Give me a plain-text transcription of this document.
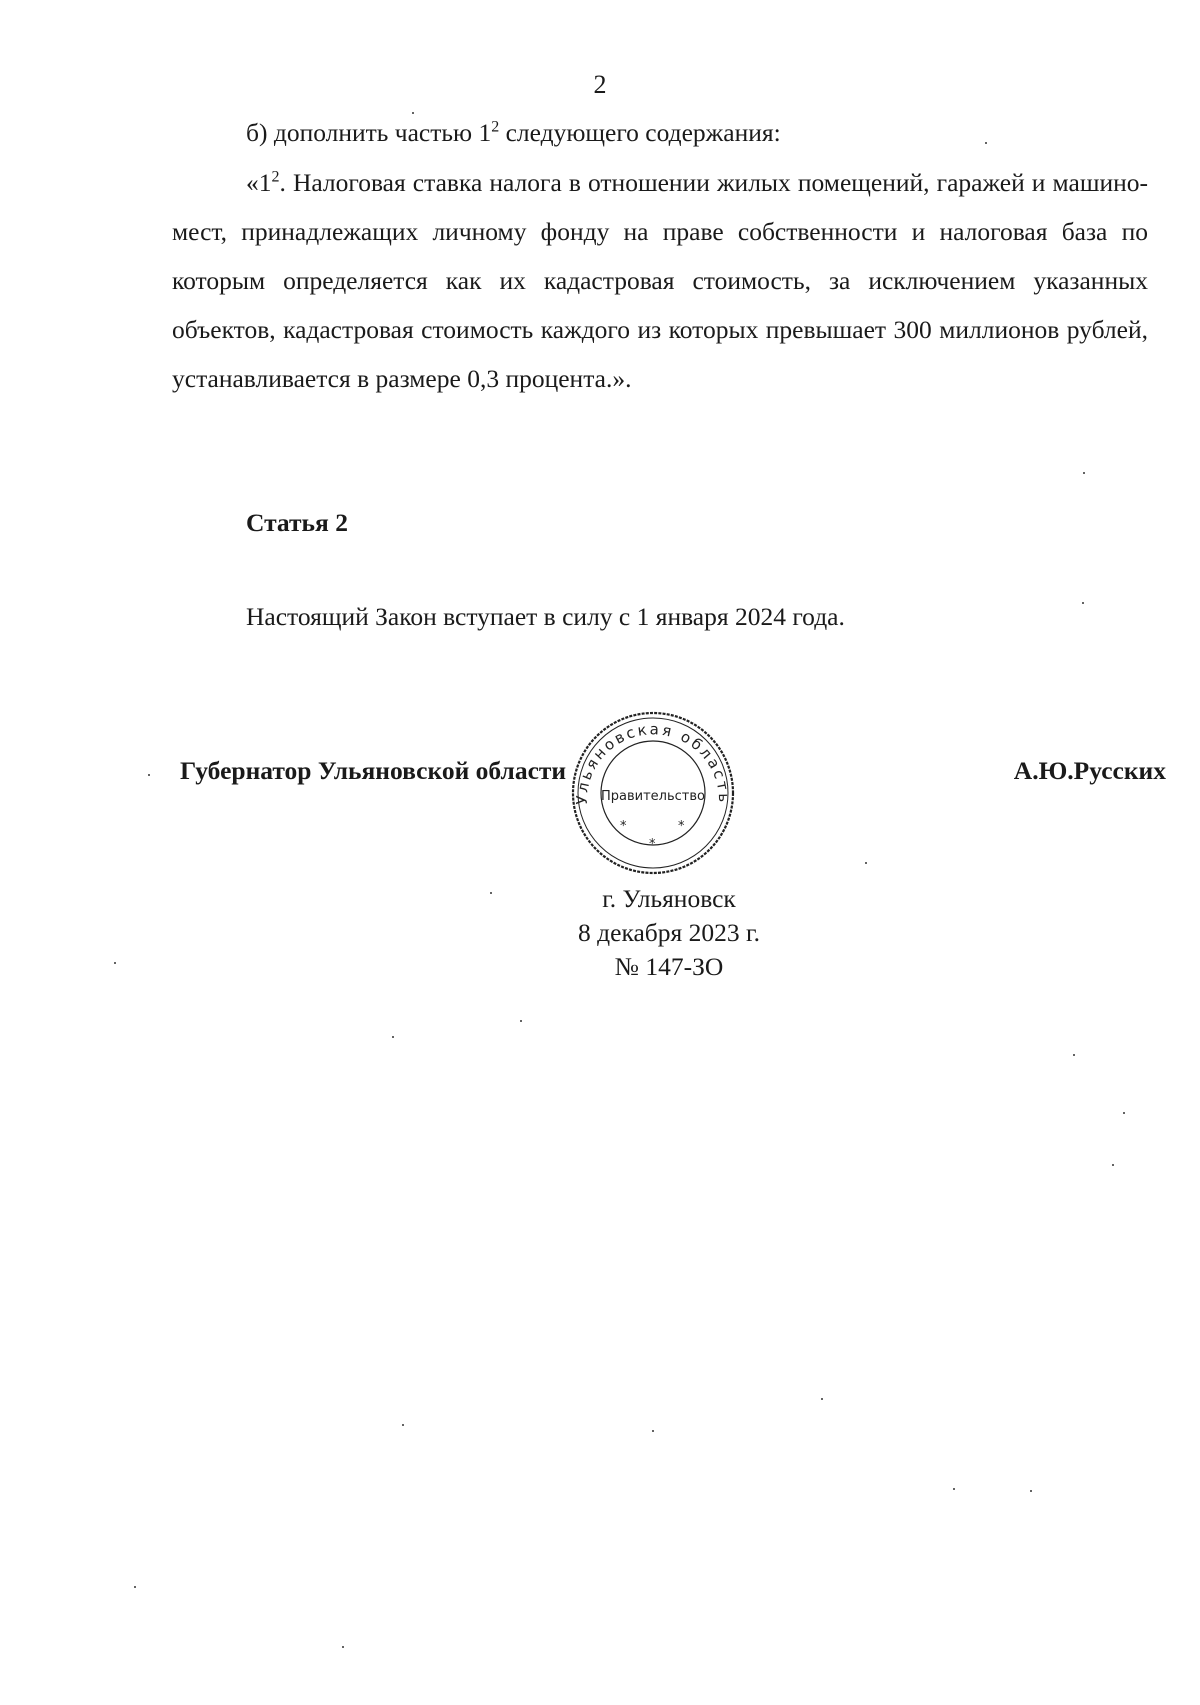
2
б) дополнить частью $1^2$ следующего содержания:
«$1^2$. Налоговая ставка налога в отношении жилых помещений, гаражей и машино-мест, принадлежащих личному фонду на праве собственности и налоговая база по которым определяется как их кадастровая стоимость, за исключением указанных объектов, кадастровая стоимость каждого из которых превышает 300 миллионов рублей, устанавливается в размере 0,3 процента.».
Статья 2
Настоящий Закон вступает в силу с 1 января 2024 года.
Губернатор Ульяновской области	А.Ю.Русских
Ульяновская область
Правительство
*
*
*
г. Ульяновск
8 декабря 2023 г.
№ 147-ЗО
